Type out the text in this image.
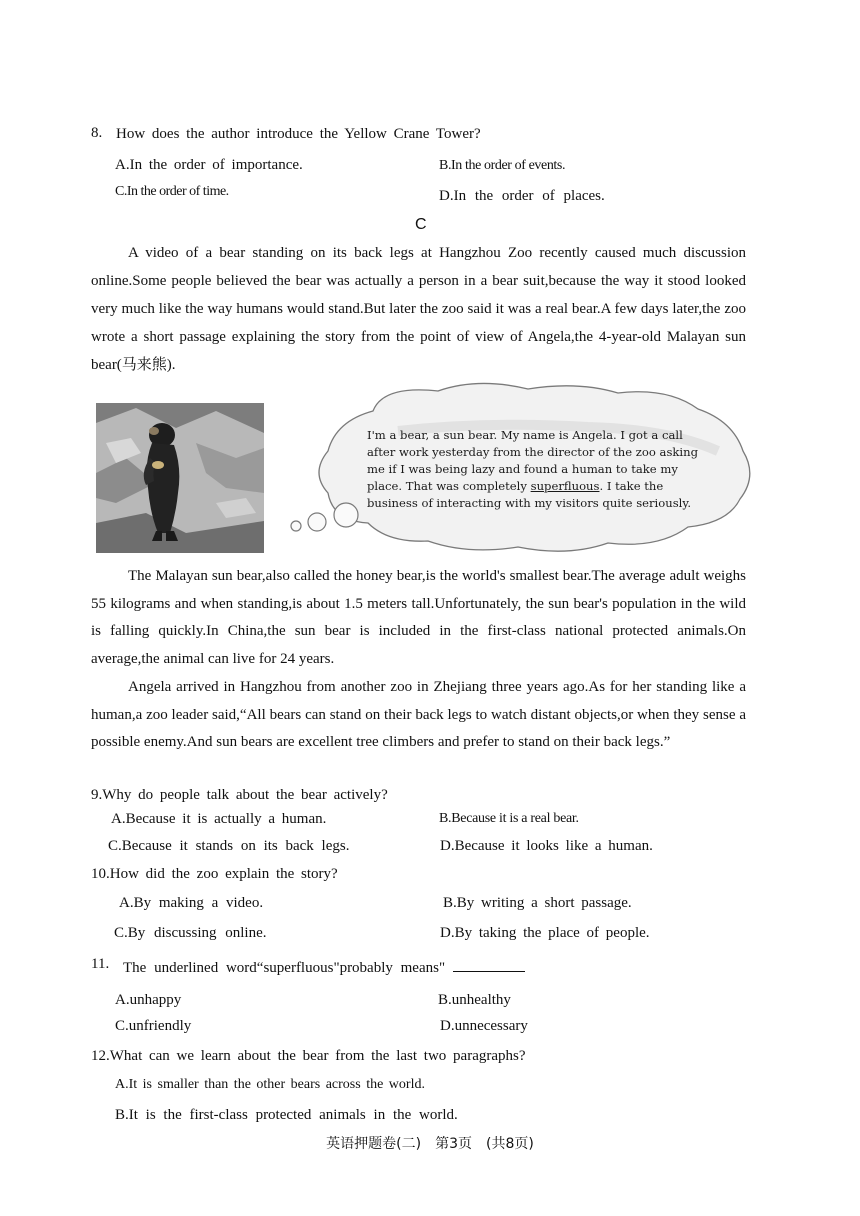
8. How does the author introduce the Yellow Crane Tower?
A.In the order of importance.	B.In the order of events.
C.In the order of time.	D.In the order of places.
C
A video of a bear standing on its back legs at Hangzhou Zoo recently caused much discussion online.Some people believed the bear was actually a person in a bear suit,because the way it stood looked very much like the way humans would stand.But later the zoo said it was a real bear.A few days later,the zoo wrote a short passage explaining the story from the point of view of Angela,the 4-year-old Malayan sun bear(马来熊).
I'm a bear, a sun bear. My name is Angela. I got a call after work yesterday from the director of the zoo asking me if I was being lazy and found a human to take my place. That was completely superfluous. I take the business of interacting with my visitors quite seriously.
The Malayan sun bear,also called the honey bear,is the world's smallest bear.The average adult weighs 55 kilograms and when standing,is about 1.5 meters tall.Unfortunately, the sun bear's population in the wild is falling quickly.In China,the sun bear is included in the first-class national protected animals.On average,the animal can live for 24 years.
Angela arrived in Hangzhou from another zoo in Zhejiang three years ago.As for her standing like a human,a zoo leader said,“All bears can stand on their back legs to watch distant objects,or when they sense a possible enemy.And sun bears are excellent tree climbers and prefer to stand on their back legs.”
9.Why do people talk about the bear actively?
A.Because it is actually a human.	B.Because it is a real bear.
C.Because it stands on its back legs.	D.Because it looks like a human.
10.How did the zoo explain the story?
A.By making a video.	B.By writing a short passage.
C.By discussing online.	D.By taking the place of people.
11. The underlined word“superfluous"probably means"
A.unhappy	B.unhealthy
C.unfriendly	D.unnecessary
12.What can we learn about the bear from the last two paragraphs?
A.It is smaller than the other bears across the world.
B.It is the first-class protected animals in the world.
英语押题卷(二)　第3页　(共8页)
